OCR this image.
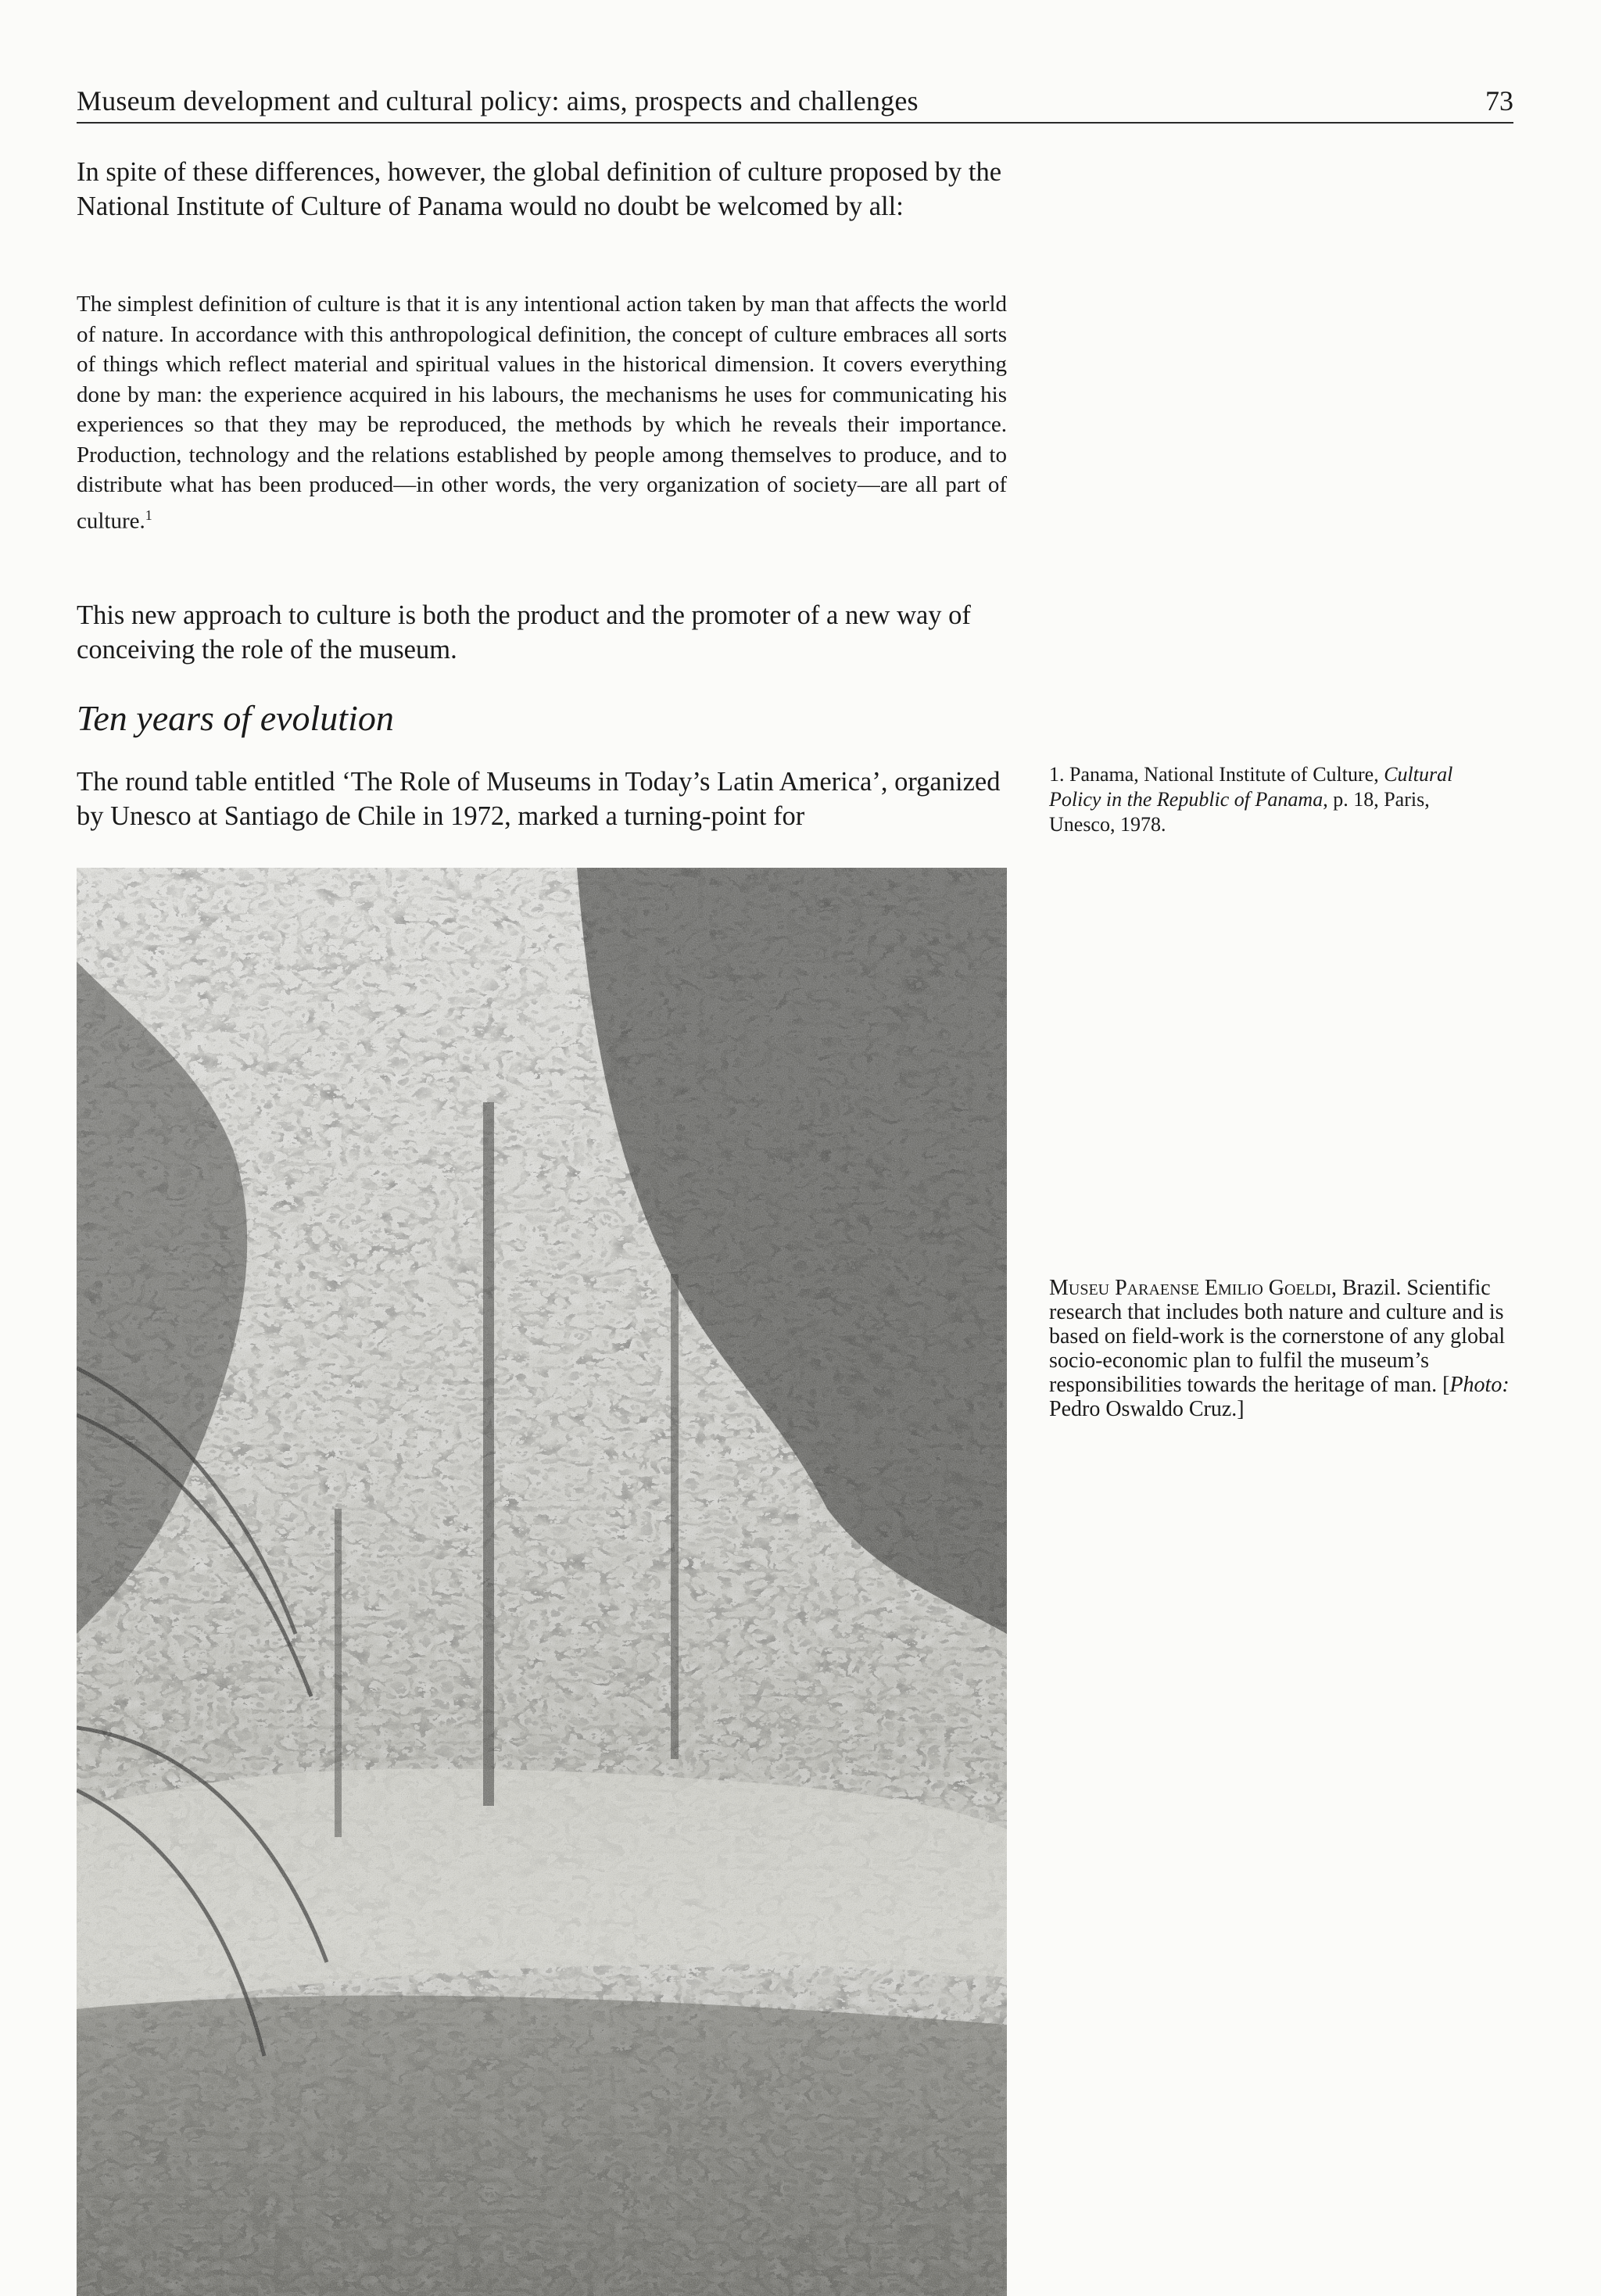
Museum development and cultural policy: aims, prospects and challenges	73

In spite of these differences, however, the global definition of culture proposed by the National Institute of Culture of Panama would no doubt be welcomed by all:

The simplest definition of culture is that it is any intentional action taken by man that affects the world of nature. In accordance with this anthropological definition, the concept of culture embraces all sorts of things which reflect material and spiritual values in the historical dimension. It covers everything done by man: the experience acquired in his labours, the mechanisms he uses for communicating his experiences so that they may be reproduced, the methods by which he reveals their importance. Production, technology and the relations established by people among themselves to produce, and to distribute what has been produced—in other words, the very organization of society—are all part of culture.$^1$

This new approach to culture is both the product and the promoter of a new way of conceiving the role of the museum.

Ten years of evolution

The round table entitled ‘The Role of Museums in Today’s Latin America’, organized by Unesco at Santiago de Chile in 1972, marked a turning-point for

1. Panama, National Institute of Culture, Cultural Policy in the Republic of Panama, p. 18, Paris, Unesco, 1978.
Museu Paraense Emilio Goeldi, Brazil. Scientific research that includes both nature and culture and is based on field-work is the cornerstone of any global socio-economic plan to fulfil the museum’s responsibilities towards the heritage of man. [Photo: Pedro Oswaldo Cruz.]
